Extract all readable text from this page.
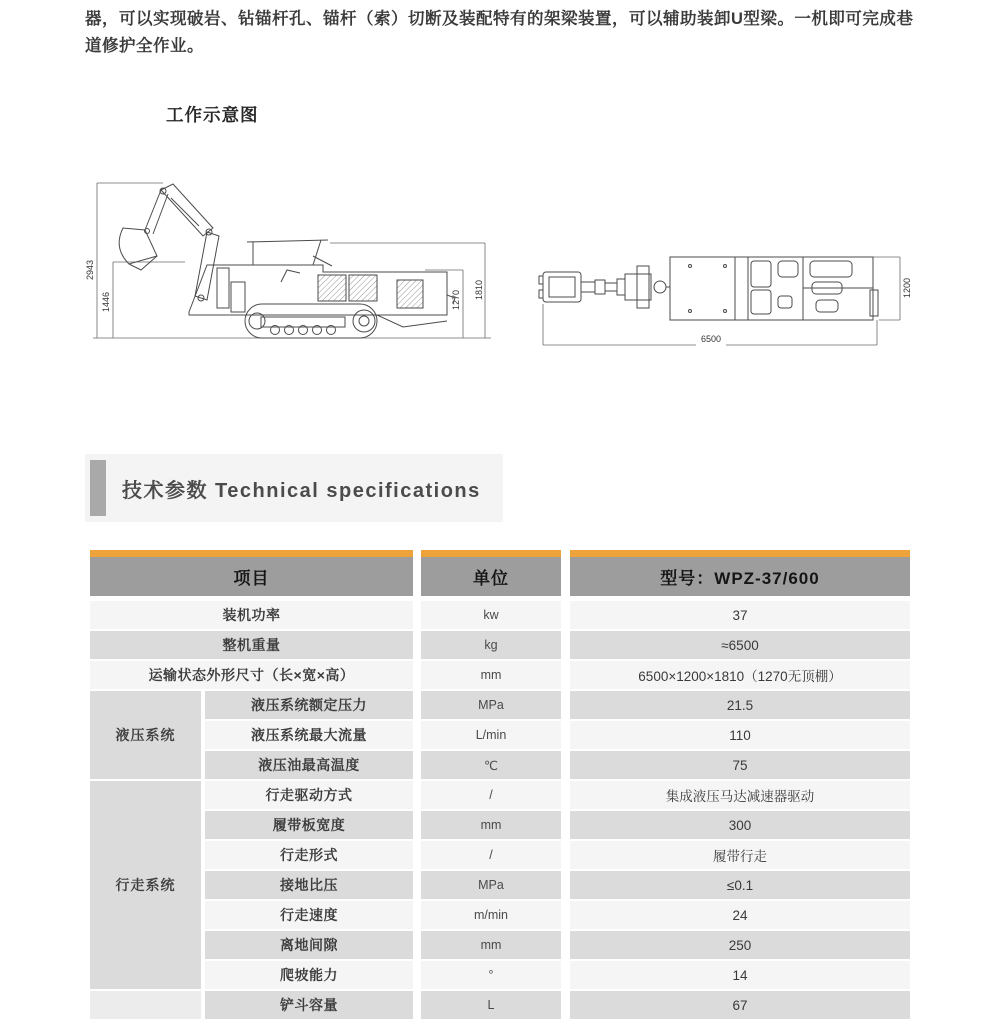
器，可以实现破岩、钻锚杆孔、锚杆（索）切断及装配特有的架梁装置，可以辅助装卸U型梁。一机即可完成巷道修护全作业。

工作示意图
2943
1446	1270 1810
6500
1200
技术参数 Technical specifications
项目	单位	型号：WPZ-37/600
装机功率	kw	37
整机重量	kg	≈6500
运输状态外形尺寸（长×宽×高）	mm	6500×1200×1810（1270无顶棚）
液压系统
液压系统额定压力	MPa	21.5
液压系统最大流量	L/min	110
液压油最高温度	℃	75
行走系统
行走驱动方式	/	集成液压马达减速器驱动
履带板宽度	mm	300
行走形式	/	履带行走
接地比压	MPa	≤0.1
行走速度	m/min	24
离地间隙	mm	250
爬坡能力	°	14
铲斗容量	L	67
